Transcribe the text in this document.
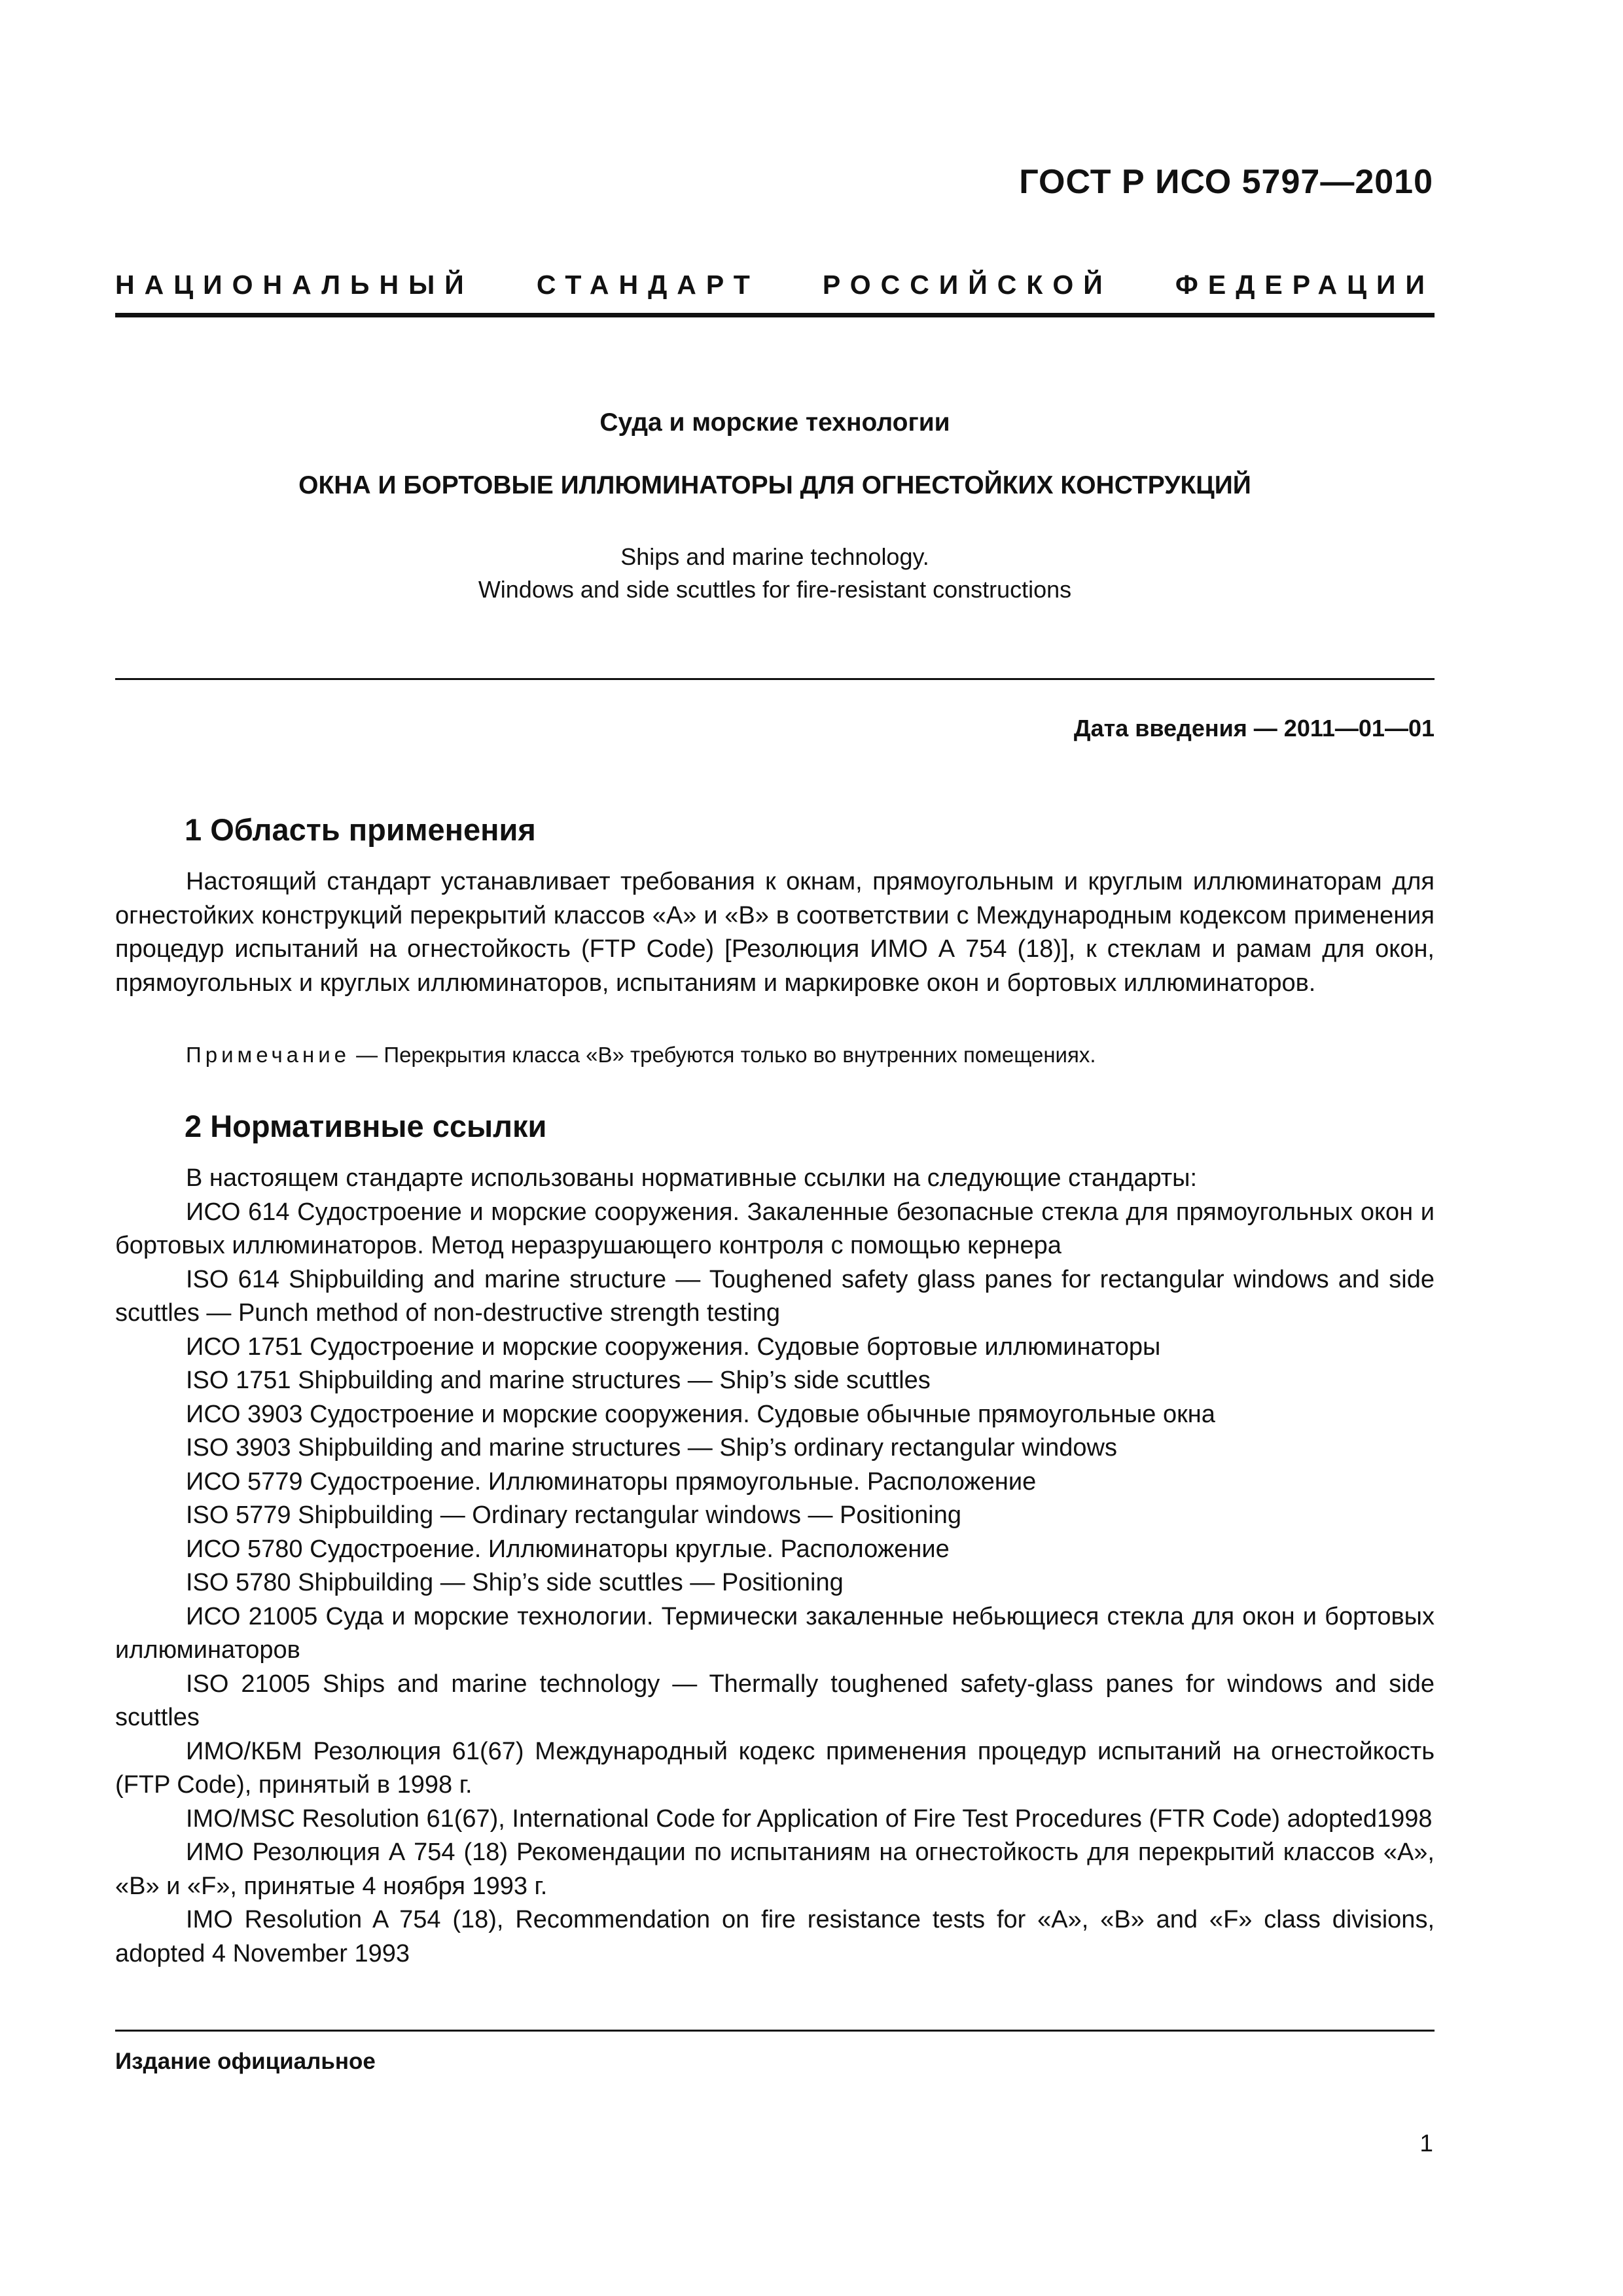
ГОСТ Р ИСО 5797—2010
НАЦИОНАЛЬНЫЙ СТАНДАРТ РОССИЙСКОЙ ФЕДЕРАЦИИ
Суда и морские технологии
ОКНА И БОРТОВЫЕ ИЛЛЮМИНАТОРЫ ДЛЯ ОГНЕСТОЙКИХ КОНСТРУКЦИЙ
Ships and marine technology.
Windows and side scuttles for fire-resistant constructions
Дата введения — 2011—01—01
1 Область применения

Настоящий стандарт устанавливает требования к окнам, прямоугольным и круглым иллюминаторам для огнестойких конструкций перекрытий классов «А» и «В» в соответствии с Международным кодексом применения процедур испытаний на огнестойкость (FTP Code) [Резолюция ИМО А 754 (18)], к стеклам и рамам для окон, прямоугольных и круглых иллюминаторов, испытаниям и маркировке окон и бортовых иллюминаторов.

Примечание — Перекрытия класса «В» требуются только во внутренних помещениях.
2 Нормативные ссылки

В настоящем стандарте использованы нормативные ссылки на следующие стандарты:

ИСО 614 Судостроение и морские сооружения. Закаленные безопасные стекла для прямоугольных окон и бортовых иллюминаторов. Метод неразрушающего контроля с помощью кернера

ISO 614 Shipbuilding and marine structure — Toughened safety glass panes for rectangular windows and side scuttles — Punch method of non-destructive strength testing

ИСО 1751 Судостроение и морские сооружения. Судовые бортовые иллюминаторы

ISO 1751 Shipbuilding and marine structures — Ship’s side scuttles

ИСО 3903 Судостроение и морские сооружения. Судовые обычные прямоугольные окна

ISO 3903 Shipbuilding and marine structures — Ship’s ordinary rectangular windows

ИСО 5779 Судостроение. Иллюминаторы прямоугольные. Расположение

ISO 5779 Shipbuilding — Ordinary rectangular windows — Positioning

ИСО 5780 Судостроение. Иллюминаторы круглые. Расположение

ISO 5780 Shipbuilding — Ship’s side scuttles — Positioning

ИСО 21005 Суда и морские технологии. Термически закаленные небьющиеся стекла для окон и бортовых иллюминаторов

ISO 21005 Ships and marine technology — Thermally toughened safety-glass panes for windows and side scuttles

ИМО/КБМ Резолюция 61(67) Международный кодекс применения процедур испытаний на огнестойкость (FTP Code), принятый в 1998 г.

IMO/MSC Resolution 61(67), International Code for Application of Fire Test Procedures (FTR Code) adopted1998

ИМО Резолюция А 754 (18) Рекомендации по испытаниям на огнестойкость для перекрытий классов «А», «В» и «F», принятые 4 ноября 1993 г.

IMO Resolution A 754 (18), Recommendation on fire resistance tests for «A», «B» and «F» class divisions, adopted 4 November 1993

Издание официальное
1
